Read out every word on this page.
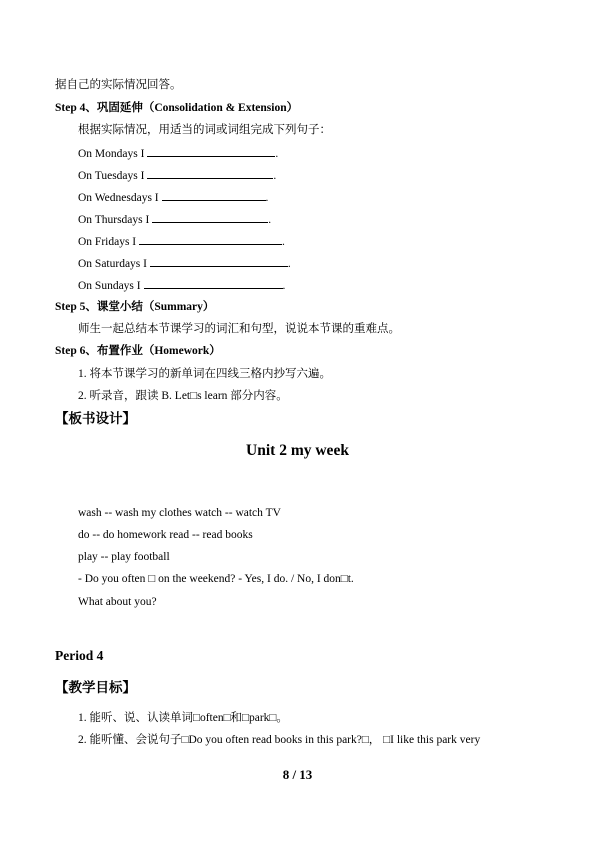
据自己的实际情况回答。
Step 4、巩固延伸（Consolidation & Extension）
根据实际情况，用适当的词或词组完成下列句子：
On Mondays I	.
On Tuesdays I	.
On Wednesdays I	.
On Thursdays I	.
On Fridays I	.
On Saturdays I	.
On Sundays I	.
Step 5、课堂小结（Summary）
师生一起总结本节课学习的词汇和句型，说说本节课的重难点。
Step 6、布置作业（Homework）
1. 将本节课学习的新单词在四线三格内抄写六遍。
2. 听录音，跟读 B. Let□s learn 部分内容。
【板书设计】
Unit 2 my week
wash -- wash my clothes watch -- watch TV
do -- do homework read -- read books
play -- play football
- Do you often □ on the weekend? - Yes, I do. / No, I don□t.
What about you?
Period 4
【教学目标】
1. 能听、说、认读单词□often□和□park□。
2. 能听懂、会说句子□Do you often read books in this park?□， □I like this park very
8 / 13
